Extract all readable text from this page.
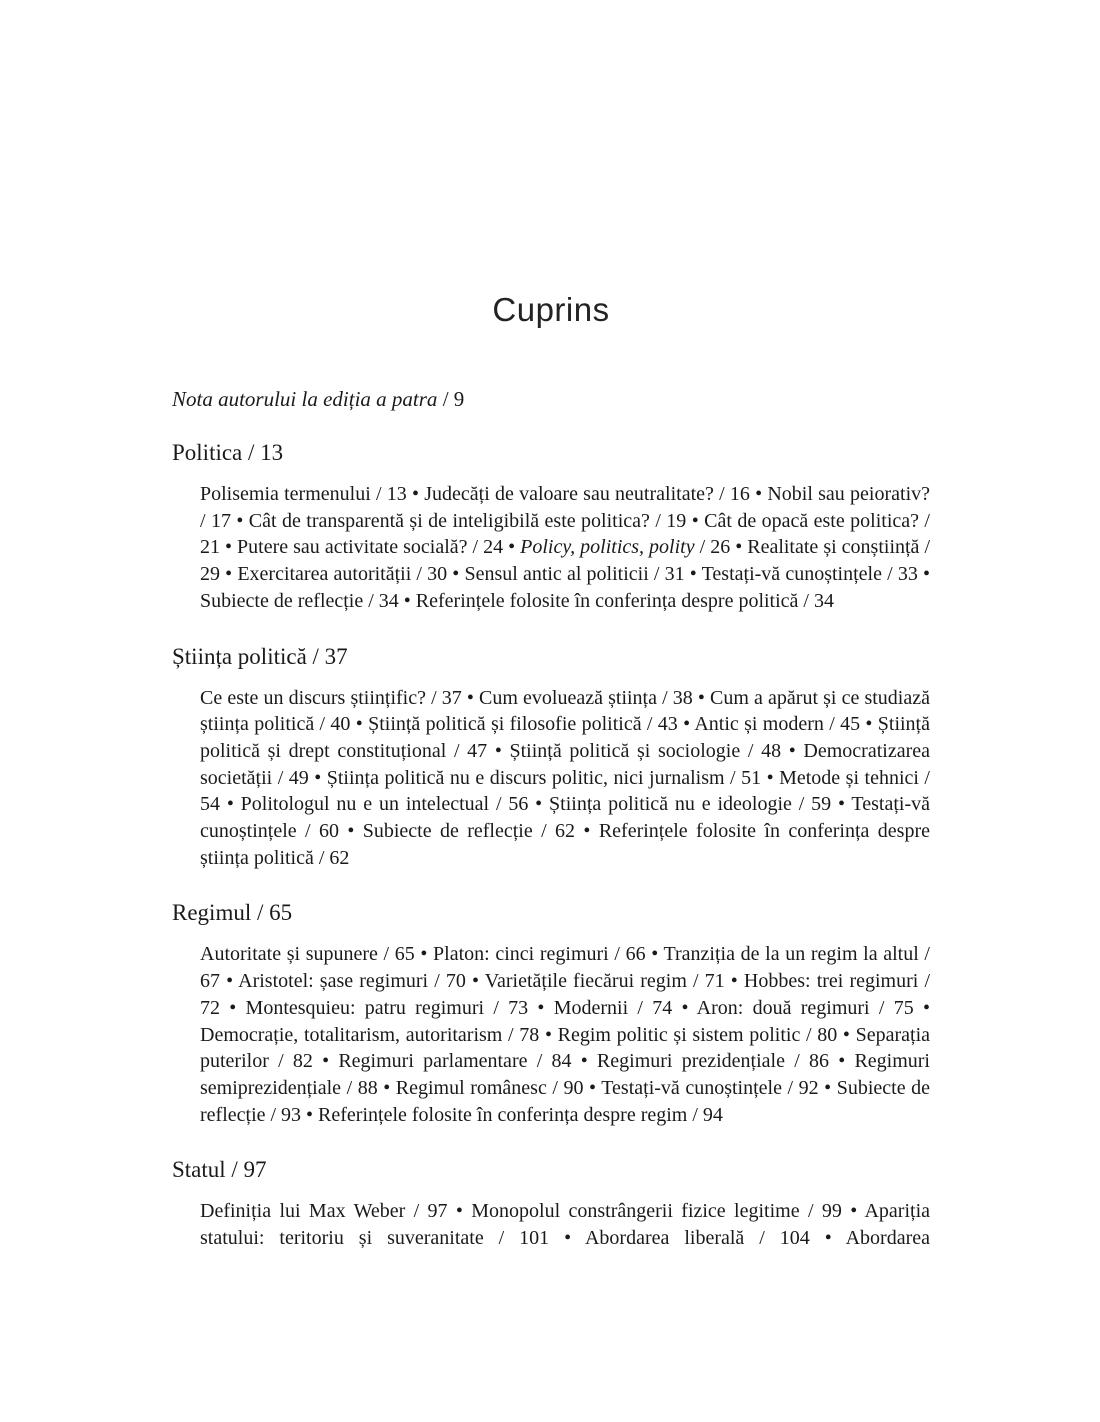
Cuprins

Nota autorului la ediția a patra / 9

Politica / 13

Polisemia termenului / 13 • Judecăți de valoare sau neutralitate? / 16 • Nobil sau peiorativ? / 17 • Cât de transparentă și de inteligibilă este politica? / 19 • Cât de opacă este politica? / 21 • Putere sau activitate socială? / 24 • Policy, politics, polity / 26 • Realitate și conștiință / 29 • Exercitarea autorității / 30 • Sensul antic al politicii / 31 • Testați-vă cunoștințele / 33 • Subiecte de reflecție / 34 • Referințele folosite în conferința despre politică / 34

Știința politică / 37

Ce este un discurs științific? / 37 • Cum evoluează știința / 38 • Cum a apărut și ce studiază știința politică / 40 • Știință politică și filosofie politică / 43 • Antic și modern / 45 • Știință politică și drept constituțional / 47 • Știință politică și sociologie / 48 • Democratizarea societății / 49 • Știința politică nu e discurs politic, nici jurnalism / 51 • Metode și tehnici / 54 • Politologul nu e un intelectual / 56 • Știința politică nu e ideologie / 59 • Testați-vă cunoștințele / 60 • Subiecte de reflecție / 62 • Referințele folosite în conferința despre știința politică / 62

Regimul / 65

Autoritate și supunere / 65 • Platon: cinci regimuri / 66 • Tranziția de la un regim la altul / 67 • Aristotel: șase regimuri / 70 • Varietățile fiecărui regim / 71 • Hobbes: trei regimuri / 72 • Montesquieu: patru regimuri / 73 • Modernii / 74 • Aron: două regimuri / 75 • Democrație, totalitarism, autoritarism / 78 • Regim politic și sistem politic / 80 • Separația puterilor / 82 • Regimuri parlamentare / 84 • Regimuri prezidențiale / 86 • Regimuri semiprezidențiale / 88 • Regimul românesc / 90 • Testați-vă cunoștințele / 92 • Subiecte de reflecție / 93 • Referințele folosite în conferința despre regim / 94

Statul / 97

Definiția lui Max Weber / 97 • Monopolul constrângerii fizice legitime / 99 • Apariția statului: teritoriu și suveranitate / 101 • Abordarea liberală / 104 • Abordarea
